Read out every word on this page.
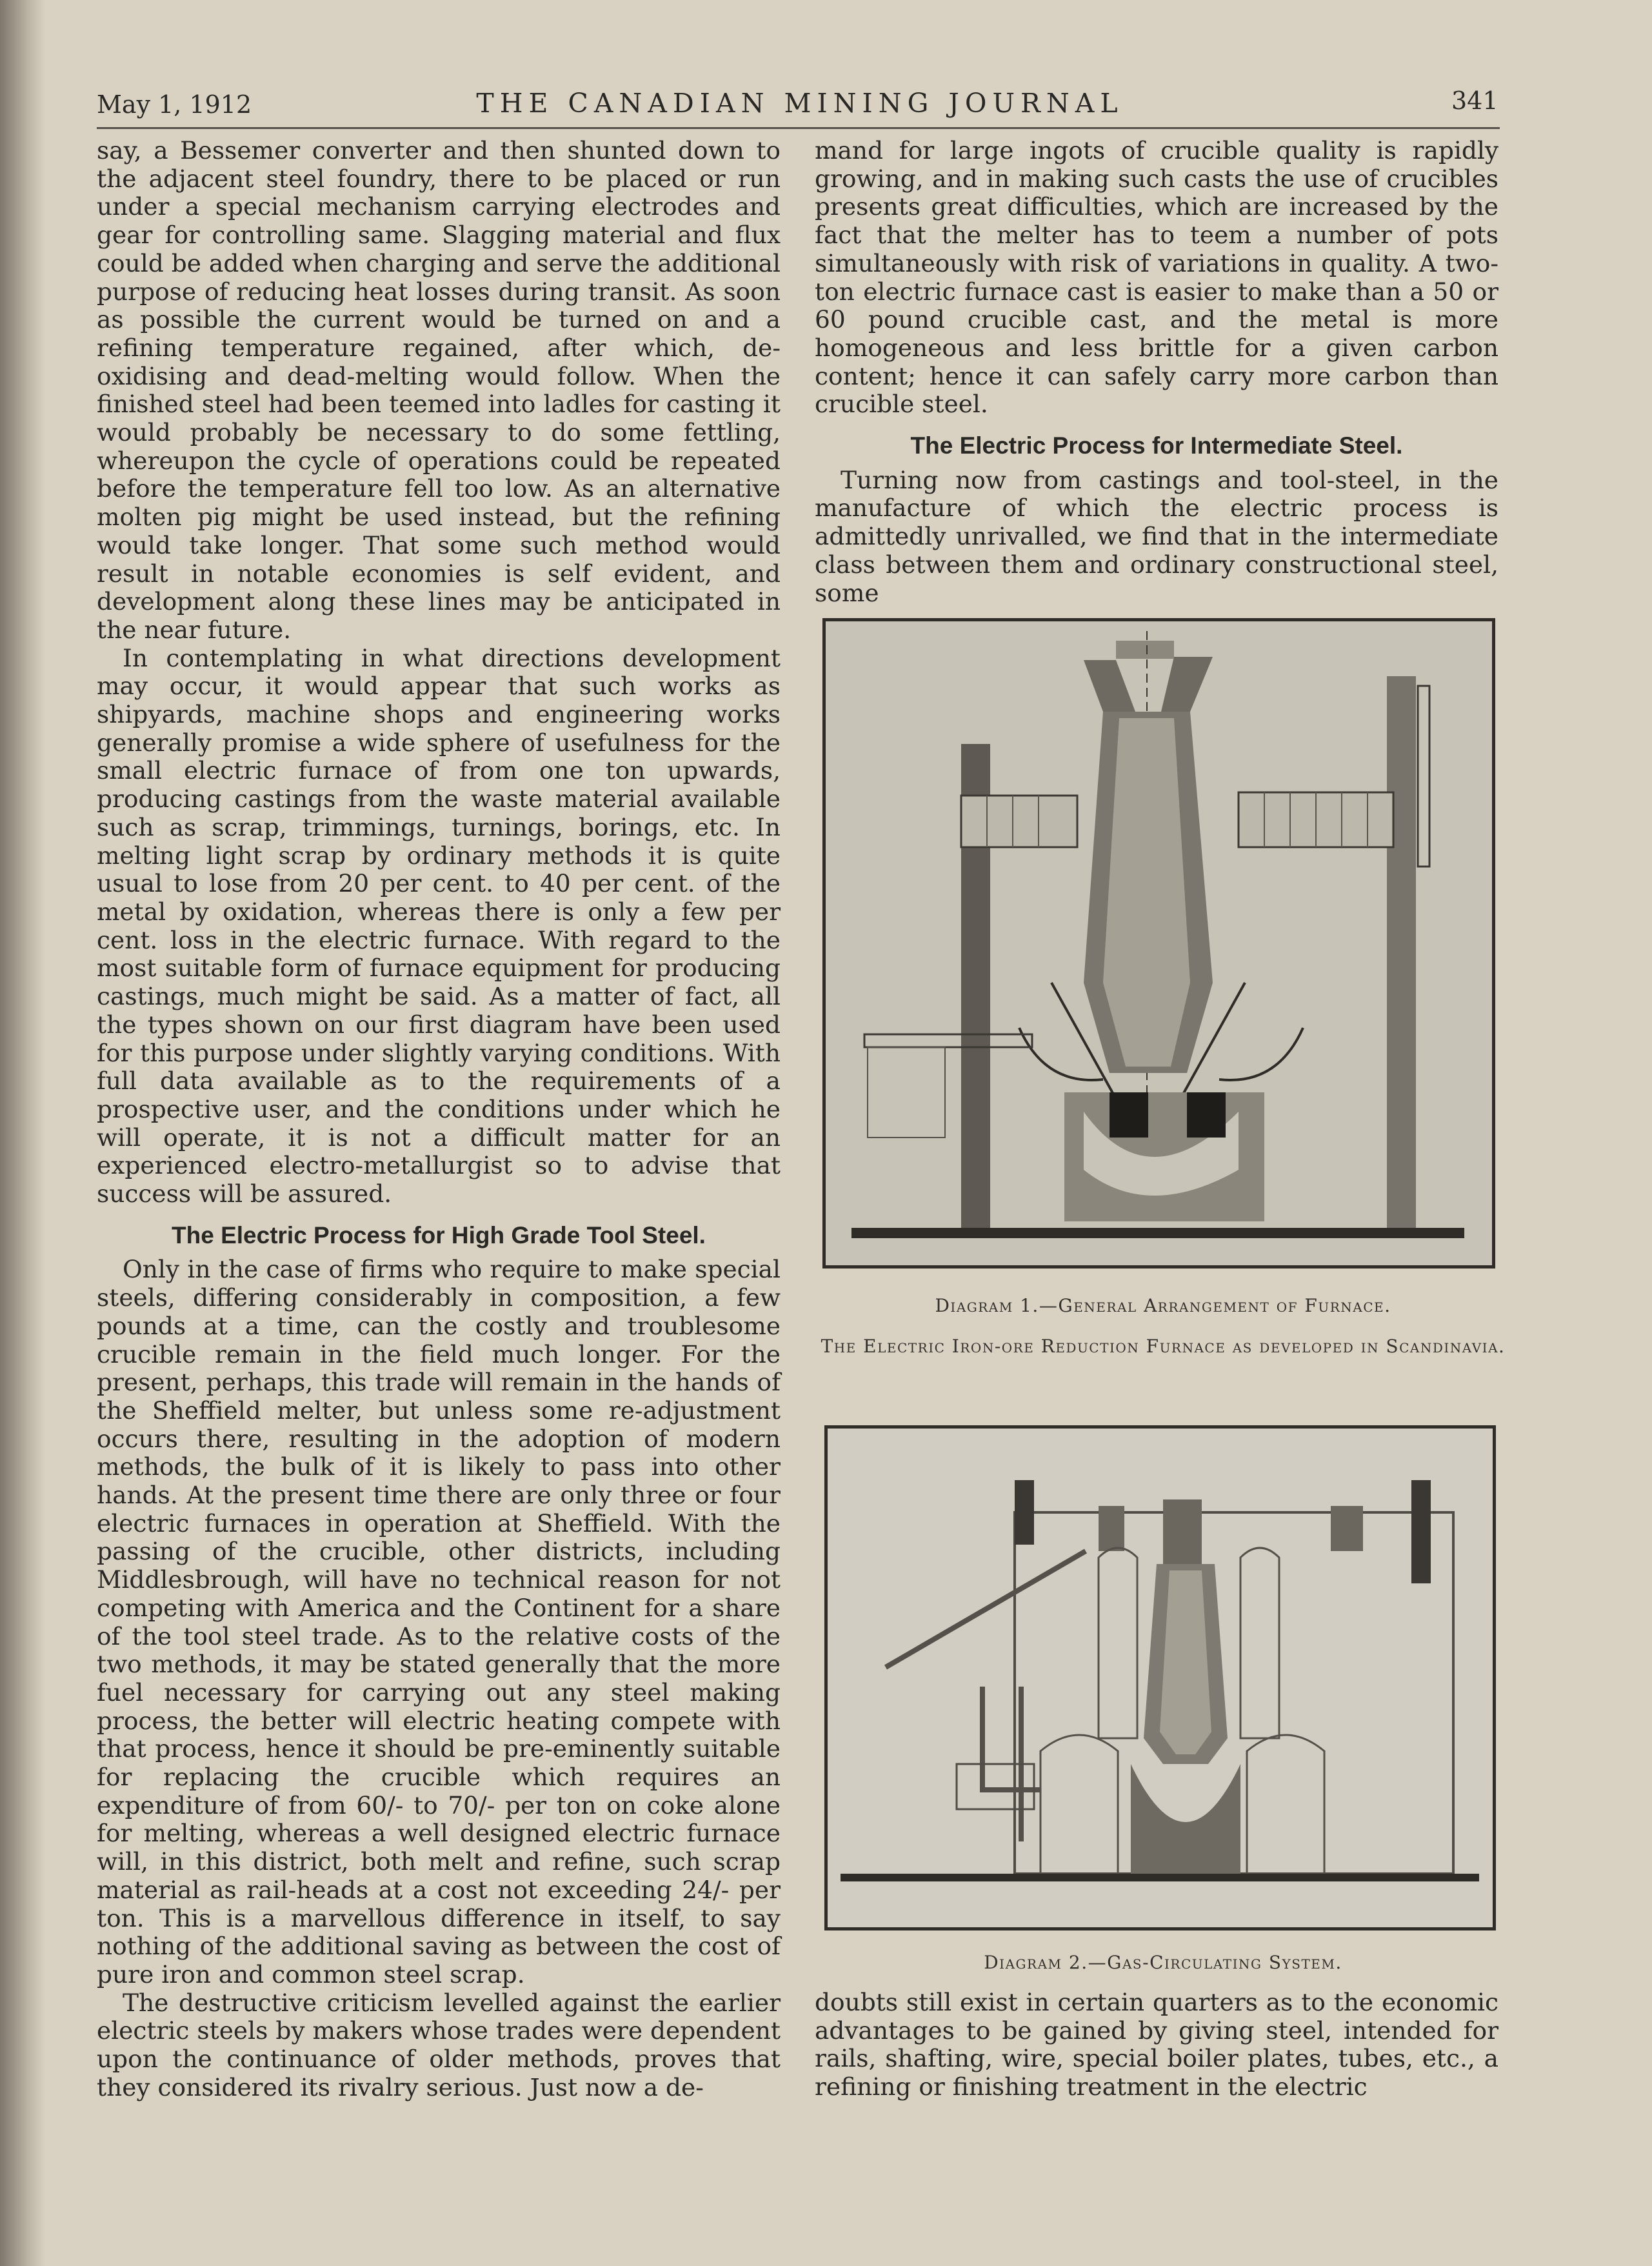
May 1, 1912	THE CANADIAN MINING JOURNAL	341

say, a Bessemer converter and then shunted down to the adjacent steel foundry, there to be placed or run under a special mechanism carrying electrodes and gear for controlling same. Slagging material and flux could be added when charging and serve the additional purpose of reducing heat losses during transit. As soon as possible the current would be turned on and a refining temperature regained, after which, de-oxidising and dead-melting would follow. When the finished steel had been teemed into ladles for casting it would probably be necessary to do some fettling, whereupon the cycle of operations could be repeated before the temperature fell too low. As an alternative molten pig might be used instead, but the refining would take longer. That some such method would result in notable economies is self evident, and development along these lines may be anticipated in the near future.

In contemplating in what directions development may occur, it would appear that such works as shipyards, machine shops and engineering works generally promise a wide sphere of usefulness for the small electric furnace of from one ton upwards, producing castings from the waste material available such as scrap, trimmings, turnings, borings, etc. In melting light scrap by ordinary methods it is quite usual to lose from 20 per cent. to 40 per cent. of the metal by oxidation, whereas there is only a few per cent. loss in the electric furnace. With regard to the most suitable form of furnace equipment for producing castings, much might be said. As a matter of fact, all the types shown on our first diagram have been used for this purpose under slightly varying conditions. With full data available as to the requirements of a prospective user, and the conditions under which he will operate, it is not a difficult matter for an experienced electro-metallurgist so to advise that success will be assured.

The Electric Process for High Grade Tool Steel.

Only in the case of firms who require to make special steels, differing considerably in composition, a few pounds at a time, can the costly and troublesome crucible remain in the field much longer. For the present, perhaps, this trade will remain in the hands of the Sheffield melter, but unless some re-adjustment occurs there, resulting in the adoption of modern methods, the bulk of it is likely to pass into other hands. At the present time there are only three or four electric furnaces in operation at Sheffield. With the passing of the crucible, other districts, including Middlesbrough, will have no technical reason for not competing with America and the Continent for a share of the tool steel trade. As to the relative costs of the two methods, it may be stated generally that the more fuel necessary for carrying out any steel making process, the better will electric heating compete with that process, hence it should be pre-eminently suitable for replacing the crucible which requires an expenditure of from 60/- to 70/- per ton on coke alone for melting, whereas a well designed electric furnace will, in this district, both melt and refine, such scrap material as rail-heads at a cost not exceeding 24/- per ton. This is a marvellous difference in itself, to say nothing of the additional saving as between the cost of pure iron and common steel scrap.

The destructive criticism levelled against the earlier electric steels by makers whose trades were dependent upon the continuance of older methods, proves that they considered its rivalry serious. Just now a de-

mand for large ingots of crucible quality is rapidly growing, and in making such casts the use of crucibles presents great difficulties, which are increased by the fact that the melter has to teem a number of pots simultaneously with risk of variations in quality. A two-ton electric furnace cast is easier to make than a 50 or 60 pound crucible cast, and the metal is more homogeneous and less brittle for a given carbon content; hence it can safely carry more carbon than crucible steel.

The Electric Process for Intermediate Steel.

Turning now from castings and tool-steel, in the manufacture of which the electric process is admittedly unrivalled, we find that in the intermediate class between them and ordinary constructional steel, some

Diagram 1.—General Arrangement of Furnace.
The Electric Iron-ore Reduction Furnace as developed in Scandinavia.
Diagram 2.—Gas-Circulating System.

doubts still exist in certain quarters as to the economic advantages to be gained by giving steel, intended for rails, shafting, wire, special boiler plates, tubes, etc., a refining or finishing treatment in the electric
